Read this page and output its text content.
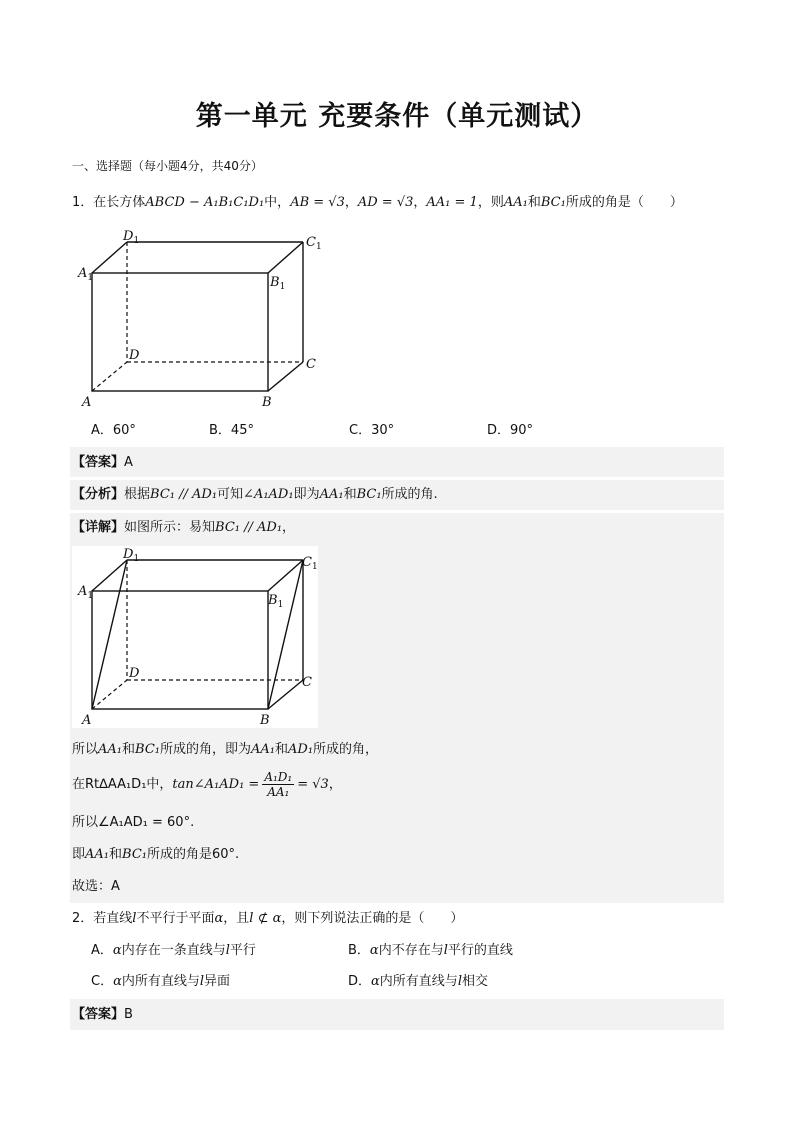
第一单元 充要条件（单元测试）
一、选择题（每小题4分，共40分）
1．在长方体ABCD − A₁B₁C₁D₁中，AB = √3，AD = √3，AA₁ = 1，则AA₁和BC₁所成的角是（　　）
$A_1$
$D_1$	$C_1$
$B_1$
D
C
A	B
A．60°	B．45°	C．30°	D．90°
【答案】A
【分析】根据BC₁ // AD₁可知∠A₁AD₁即为AA₁和BC₁所成的角.
【详解】如图所示：易知BC₁ // AD₁，
$A_1$
$D_1$	$C_1$
$B_1$
D
C
A	B
所以AA₁和BC₁所成的角，即为AA₁和AD₁所成的角，
在Rt∆AA₁D₁中，tan∠A₁AD₁ = $\frac{\text{A₁D₁}}{\text{AA₁}} = √3$，
所以∠A₁AD₁ = 60°.
即AA₁和BC₁所成的角是60°.
故选：A
2．若直线l不平行于平面α，且l ⊄ α，则下列说法正确的是（　　）
A．α内存在一条直线与l平行	B．α内不存在与l平行的直线
C．α内所有直线与l异面	D．α内所有直线与l相交
【答案】B
